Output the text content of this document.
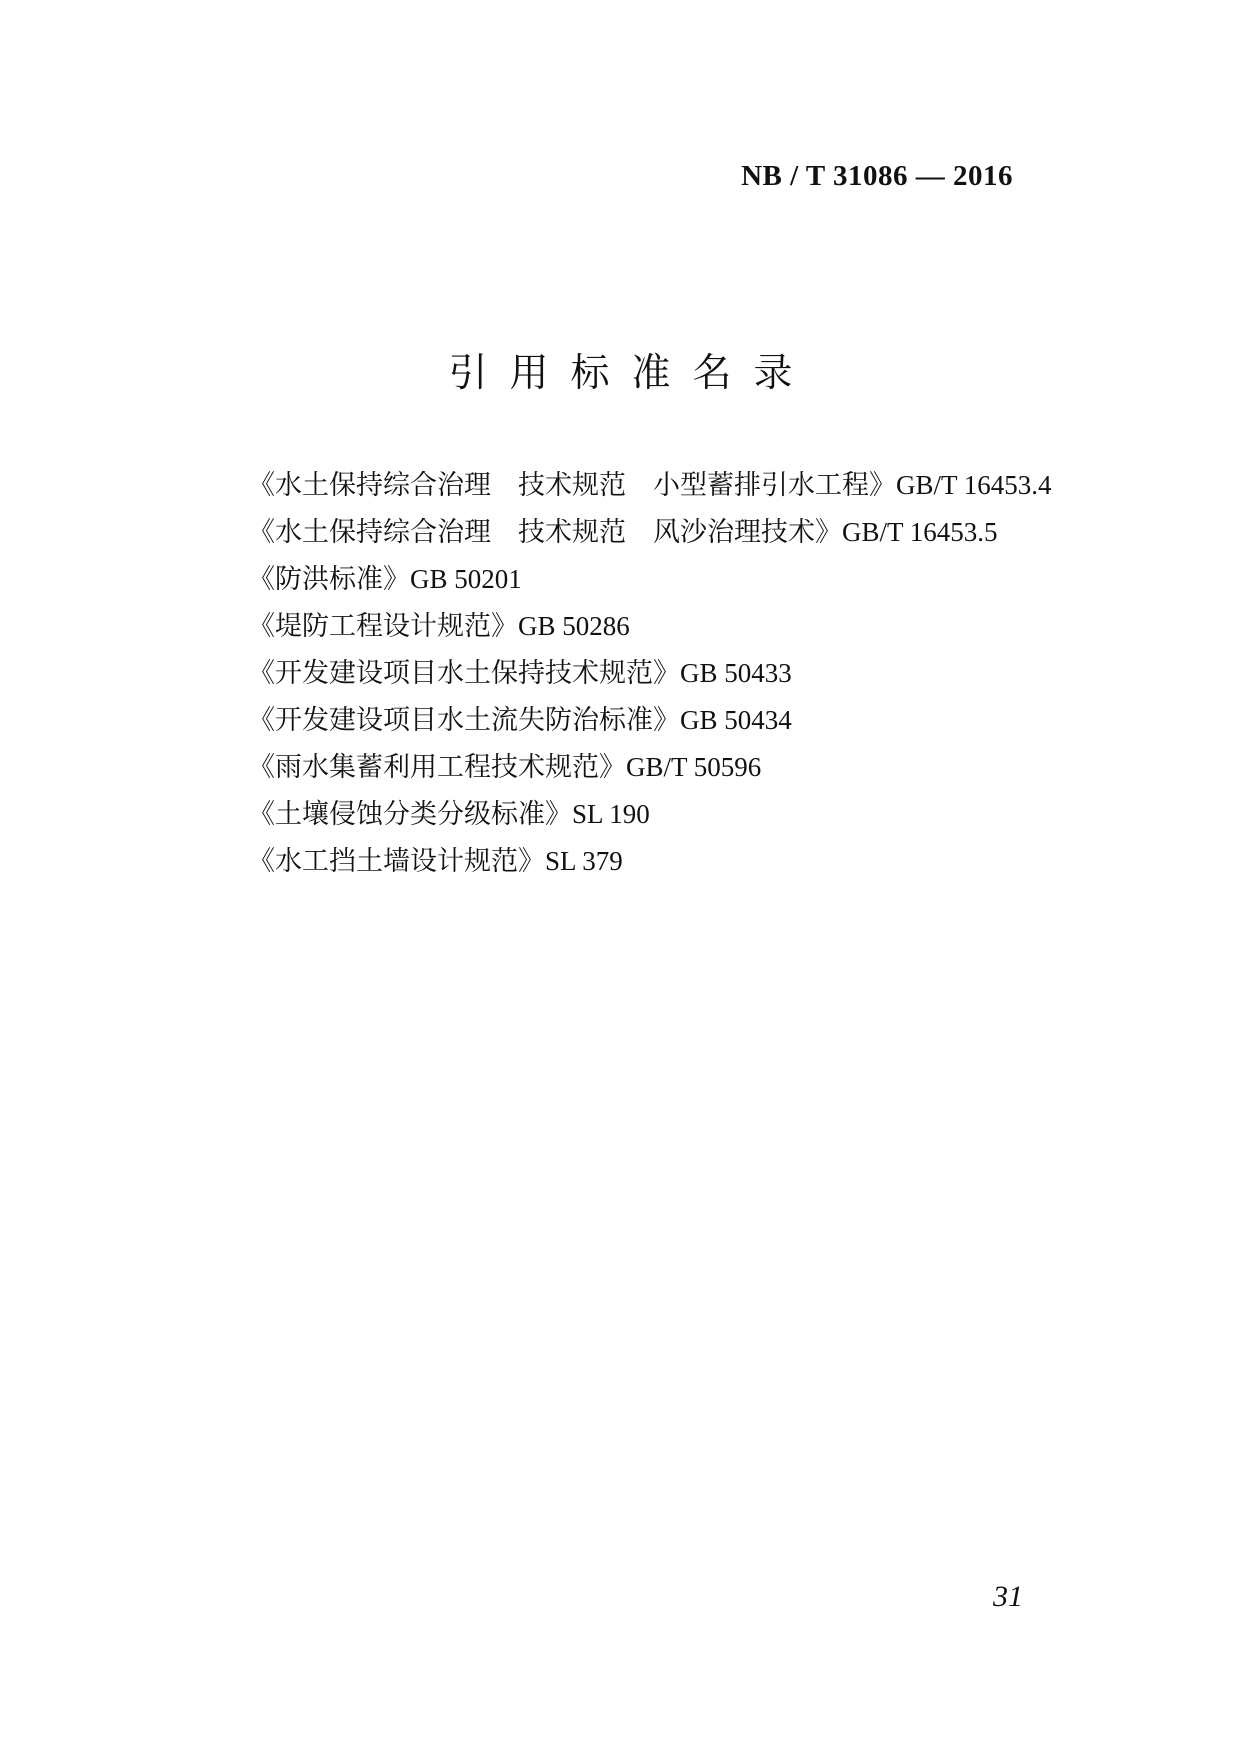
NB / T 31086 — 2016
引用标准名录
《水土保持综合治理　技术规范　小型蓄排引水工程》GB/T 16453.4
《水土保持综合治理　技术规范　风沙治理技术》GB/T 16453.5
《防洪标准》GB 50201
《堤防工程设计规范》GB 50286
《开发建设项目水土保持技术规范》GB 50433
《开发建设项目水土流失防治标准》GB 50434
《雨水集蓄利用工程技术规范》GB/T 50596
《土壤侵蚀分类分级标准》SL 190
《水工挡土墙设计规范》SL 379
31
